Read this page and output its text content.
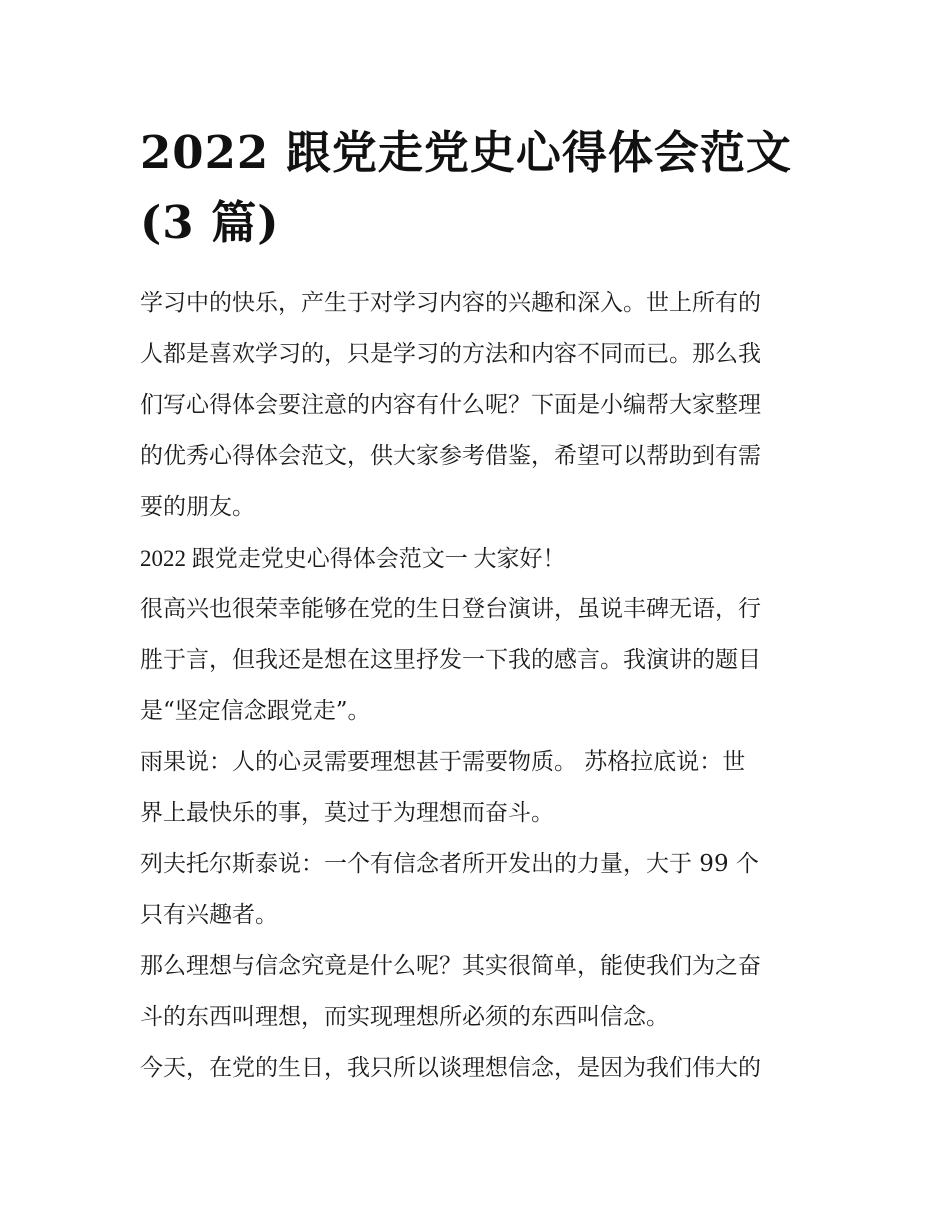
2022 跟党走党史心得体会范文
(3 篇)

学习中的快乐，产生于对学习内容的兴趣和深入。世上所有的
人都是喜欢学习的，只是学习的方法和内容不同而已。那么我
们写心得体会要注意的内容有什么呢？下面是小编帮大家整理
的优秀心得体会范文，供大家参考借鉴，希望可以帮助到有需
要的朋友。

2022 跟党走党史心得体会范文一 大家好！

很高兴也很荣幸能够在党的生日登台演讲，虽说丰碑无语，行
胜于言，但我还是想在这里抒发一下我的感言。我演讲的题目
是“坚定信念跟党走”。

雨果说：人的心灵需要理想甚于需要物质。 苏格拉底说：世
界上最快乐的事，莫过于为理想而奋斗。

列夫托尔斯泰说：一个有信念者所开发出的力量，大于 99 个
只有兴趣者。

那么理想与信念究竟是什么呢？其实很简单，能使我们为之奋
斗的东西叫理想，而实现理想所必须的东西叫信念。

今天，在党的生日，我只所以谈理想信念，是因为我们伟大的
